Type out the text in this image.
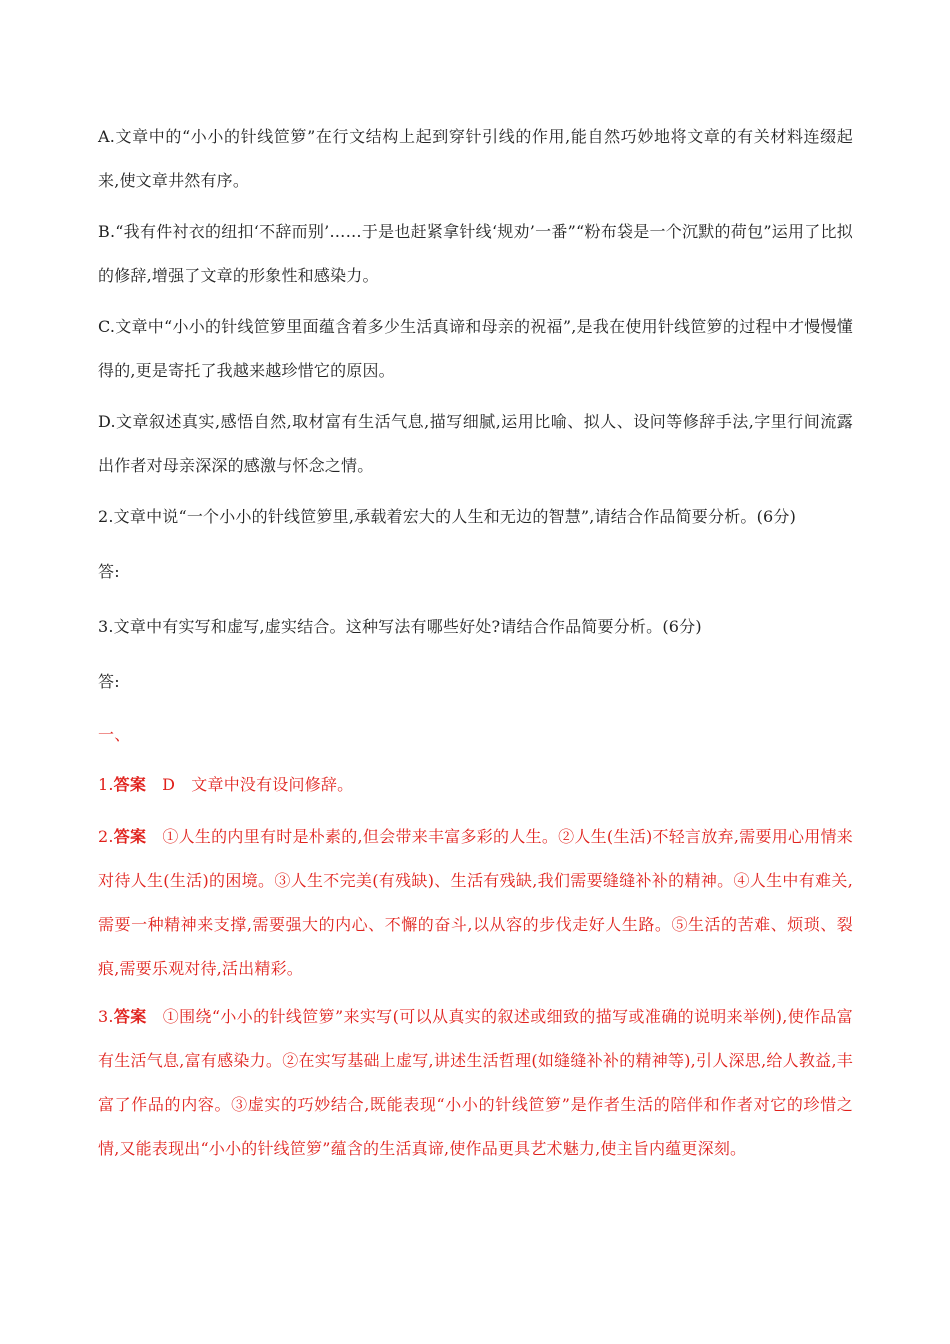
A.文章中的“小小的针线笸箩”在行文结构上起到穿针引线的作用,能自然巧妙地将文章的有关材料连缀起来,使文章井然有序。

B.“我有件衬衣的纽扣‘不辞而别’……于是也赶紧拿针线‘规劝’一番”“粉布袋是一个沉默的荷包”运用了比拟的修辞,增强了文章的形象性和感染力。

C.文章中“小小的针线笸箩里面蕴含着多少生活真谛和母亲的祝福”,是我在使用针线笸箩的过程中才慢慢懂得的,更是寄托了我越来越珍惜它的原因。

D.文章叙述真实,感悟自然,取材富有生活气息,描写细腻,运用比喻、拟人、设问等修辞手法,字里行间流露出作者对母亲深深的感激与怀念之情。

2.文章中说“一个小小的针线笸箩里,承载着宏大的人生和无边的智慧”,请结合作品简要分析。(6分)

答:

3.文章中有实写和虚写,虚实结合。这种写法有哪些好处?请结合作品简要分析。(6分)

答:

一、

1.答案 D　文章中没有设问修辞。

2.答案 ①人生的内里有时是朴素的,但会带来丰富多彩的人生。②人生(生活)不轻言放弃,需要用心用情来对待人生(生活)的困境。③人生不完美(有残缺)、生活有残缺,我们需要缝缝补补的精神。④人生中有难关,需要一种精神来支撑,需要强大的内心、不懈的奋斗,以从容的步伐走好人生路。⑤生活的苦难、烦琐、裂痕,需要乐观对待,活出精彩。

3.答案 ①围绕“小小的针线笸箩”来实写(可以从真实的叙述或细致的描写或准确的说明来举例),使作品富有生活气息,富有感染力。②在实写基础上虚写,讲述生活哲理(如缝缝补补的精神等),引人深思,给人教益,丰富了作品的内容。③虚实的巧妙结合,既能表现“小小的针线笸箩”是作者生活的陪伴和作者对它的珍惜之情,又能表现出“小小的针线笸箩”蕴含的生活真谛,使作品更具艺术魅力,使主旨内蕴更深刻。
